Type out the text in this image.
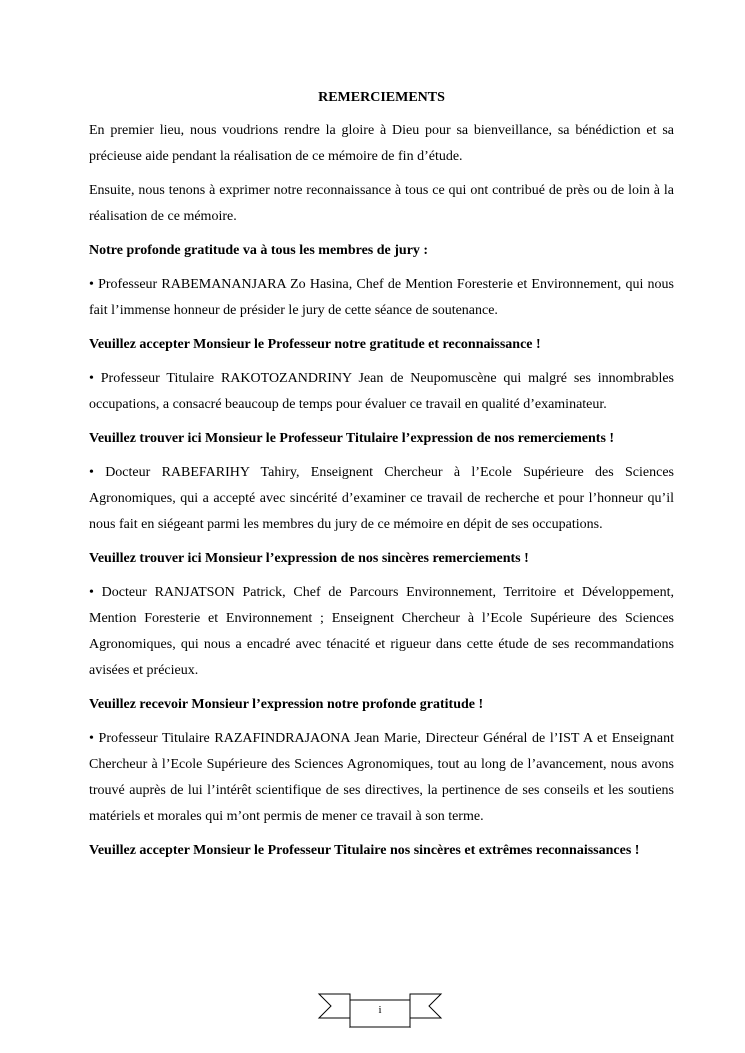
REMERCIEMENTS

En premier lieu, nous voudrions rendre la gloire à Dieu pour sa bienveillance, sa bénédiction et sa précieuse aide pendant la réalisation de ce mémoire de fin d’étude.

Ensuite, nous tenons à exprimer notre reconnaissance à tous ce qui ont contribué de près ou de loin à la réalisation de ce mémoire.

Notre profonde gratitude va à tous les membres de jury :

• Professeur RABEMANANJARA Zo Hasina, Chef de Mention Foresterie et Environnement, qui nous fait l’immense honneur de présider le jury de cette séance de soutenance.

Veuillez accepter Monsieur le Professeur notre gratitude et reconnaissance !

• Professeur Titulaire RAKOTOZANDRINY Jean de Neupomuscène qui malgré ses innombrables occupations, a consacré beaucoup de temps pour évaluer ce travail en qualité d’examinateur.

Veuillez trouver ici Monsieur le Professeur Titulaire l’expression de nos remerciements !

• Docteur RABEFARIHY Tahiry, Enseignent Chercheur à l’Ecole Supérieure des Sciences Agronomiques, qui a accepté avec sincérité d’examiner ce travail de recherche et pour l’honneur qu’il nous fait en siégeant parmi les membres du jury de ce mémoire en dépit de ses occupations.

Veuillez trouver ici Monsieur l’expression de nos sincères remerciements !

• Docteur RANJATSON Patrick, Chef de Parcours Environnement, Territoire et Développement, Mention Foresterie et Environnement ; Enseignent Chercheur à l’Ecole Supérieure des Sciences Agronomiques, qui nous a encadré avec ténacité et rigueur dans cette étude de ses recommandations avisées et précieux.

Veuillez recevoir Monsieur l’expression notre profonde gratitude !

• Professeur Titulaire RAZAFINDRAJAONA Jean Marie, Directeur Général de l’IST A et Enseignant Chercheur à l’Ecole Supérieure des Sciences Agronomiques, tout au long de l’avancement, nous avons trouvé auprès de lui l’intérêt scientifique de ses directives, la pertinence de ses conseils et les soutiens matériels et morales qui m’ont permis de mener ce travail à son terme.

Veuillez accepter Monsieur le Professeur Titulaire nos sincères et extrêmes reconnaissances !

i
